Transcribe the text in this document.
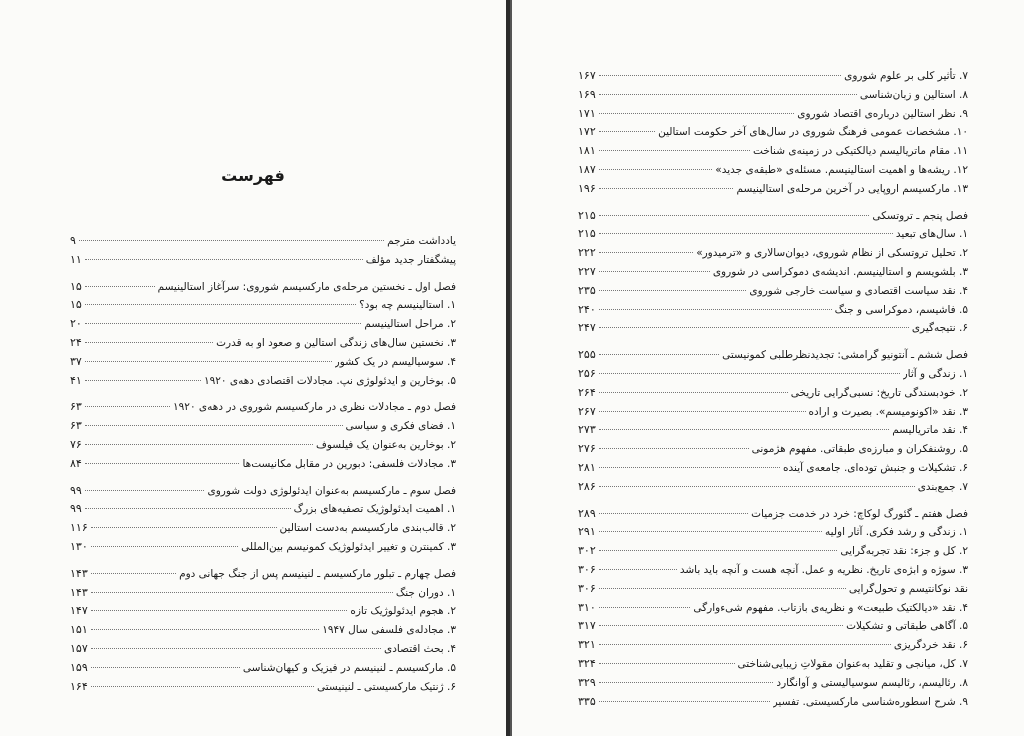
فهرست
یادداشت مترجم
۹
پیشگفتار جدید مؤلف
۱۱
فصل اول ـ نخستین مرحله‌ی مارکسیسم شوروی: سرآغاز استالینیسم
۱۵
۱. استالینیسم چه بود؟
۱۵
۲. مراحل استالینیسم
۲۰
۳. نخستین سال‌های زندگی استالین و صعود او به قدرت
۲۴
۴. سوسیالیسم در یک کشور
۳۷
۵. بوخارین و ایدئولوژی نپ. مجادلات اقتصادی دهه‌ی ۱۹۲۰
۴۱
فصل دوم ـ مجادلات نظری در مارکسیسم شوروی در دهه‌ی ۱۹۲۰
۶۳
۱. فضای فکری و سیاسی
۶۳
۲. بوخارین به‌عنوان یک فیلسوف
۷۶
۳. مجادلات فلسفی: دبورین در مقابل مکانیست‌ها
۸۴
فصل سوم ـ مارکسیسم به‌عنوان ایدئولوژی دولت شوروی
۹۹
۱. اهمیت ایدئولوژیک تصفیه‌های بزرگ
۹۹
۲. قالب‌بندی مارکسیسم به‌دست استالین
۱۱۶
۳. کمینترن و تغییر ایدئولوژیک کمونیسم بین‌المللی
۱۳۰
فصل چهارم ـ تبلور مارکسیسم ـ لنینیسم پس از جنگ جهانی دوم
۱۴۳
۱. دوران جنگ
۱۴۳
۲. هجوم ایدئولوژیک تازه
۱۴۷
۳. مجادله‌ی فلسفی سال ۱۹۴۷
۱۵۱
۴. بحث اقتصادی
۱۵۷
۵. مارکسیسم ـ لنینیسم در فیزیک و کیهان‌شناسی
۱۵۹
۶. ژنتیک مارکسیستی ـ لنینیستی
۱۶۴
۷. تأثیر کلی بر علوم شوروی
۱۶۷
۸. استالین و زبان‌شناسی
۱۶۹
۹. نظر استالین درباره‌ی اقتصاد شوروی
۱۷۱
۱۰. مشخصات عمومی فرهنگ شوروی در سال‌های آخر حکومت استالین
۱۷۲
۱۱. مقام ماتریالیسم دیالکتیکی در زمینه‌ی شناخت
۱۸۱
۱۲. ریشه‌ها و اهمیت استالینیسم. مسئله‌ی «طبقه‌ی جدید»
۱۸۷
۱۳. مارکسیسم اروپایی در آخرین مرحله‌ی استالینیسم
۱۹۶
فصل پنجم ـ تروتسکی
۲۱۵
۱. سال‌های تبعید
۲۱۵
۲. تحلیل تروتسکی از نظام شوروی، دیوان‌سالاری و «ترمیدور»
۲۲۲
۳. بلشویسم و استالینیسم. اندیشه‌ی دموکراسی در شوروی
۲۲۷
۴. نقد سیاست اقتصادی و سیاست خارجی شوروی
۲۳۵
۵. فاشیسم، دموکراسی و جنگ
۲۴۰
۶. نتیجه‌گیری
۲۴۷
فصل ششم ـ آنتونیو گرامشی: تجدیدنظرطلبی کمونیستی
۲۵۵
۱. زندگی و آثار
۲۵۶
۲. خودبسندگی تاریخ: نسبی‌گرایی تاریخی
۲۶۴
۳. نقد «اکونومیسم». بصیرت و اراده
۲۶۷
۴. نقد ماتریالیسم
۲۷۳
۵. روشنفکران و مبارزه‌ی طبقاتی. مفهوم هژمونی
۲۷۶
۶. تشکیلات و جنبش توده‌ای. جامعه‌ی آینده
۲۸۱
۷. جمع‌بندی
۲۸۶
فصل هفتم ـ گئورگ لوکاچ: خرد در خدمت جزمیات
۲۸۹
۱. زندگی و رشد فکری. آثار اولیه
۲۹۱
۲. کل و جزء: نقد تجربه‌گرایی
۳۰۲
۳. سوژه و ابژه‌ی تاریخ. نظریه و عمل. آنچه هست و آنچه باید باشد
۳۰۶
نقد نوکانتیسم و تحول‌گرایی
۳۰۶
۴. نقد «دیالکتیک طبیعت» و نظریه‌ی بازتاب. مفهوم شیءوارگی
۳۱۰
۵. آگاهی طبقاتی و تشکیلات
۳۱۷
۶. نقد خردگریزی
۳۲۱
۷. کل، میانجی و تقلید به‌عنوان مقولاتِ زیبایی‌شناختی
۳۲۴
۸. رئالیسم، رئالیسم سوسیالیستی و آوانگارد
۳۲۹
۹. شرح اسطوره‌شناسی مارکسیستی. تفسیر
۳۳۵
